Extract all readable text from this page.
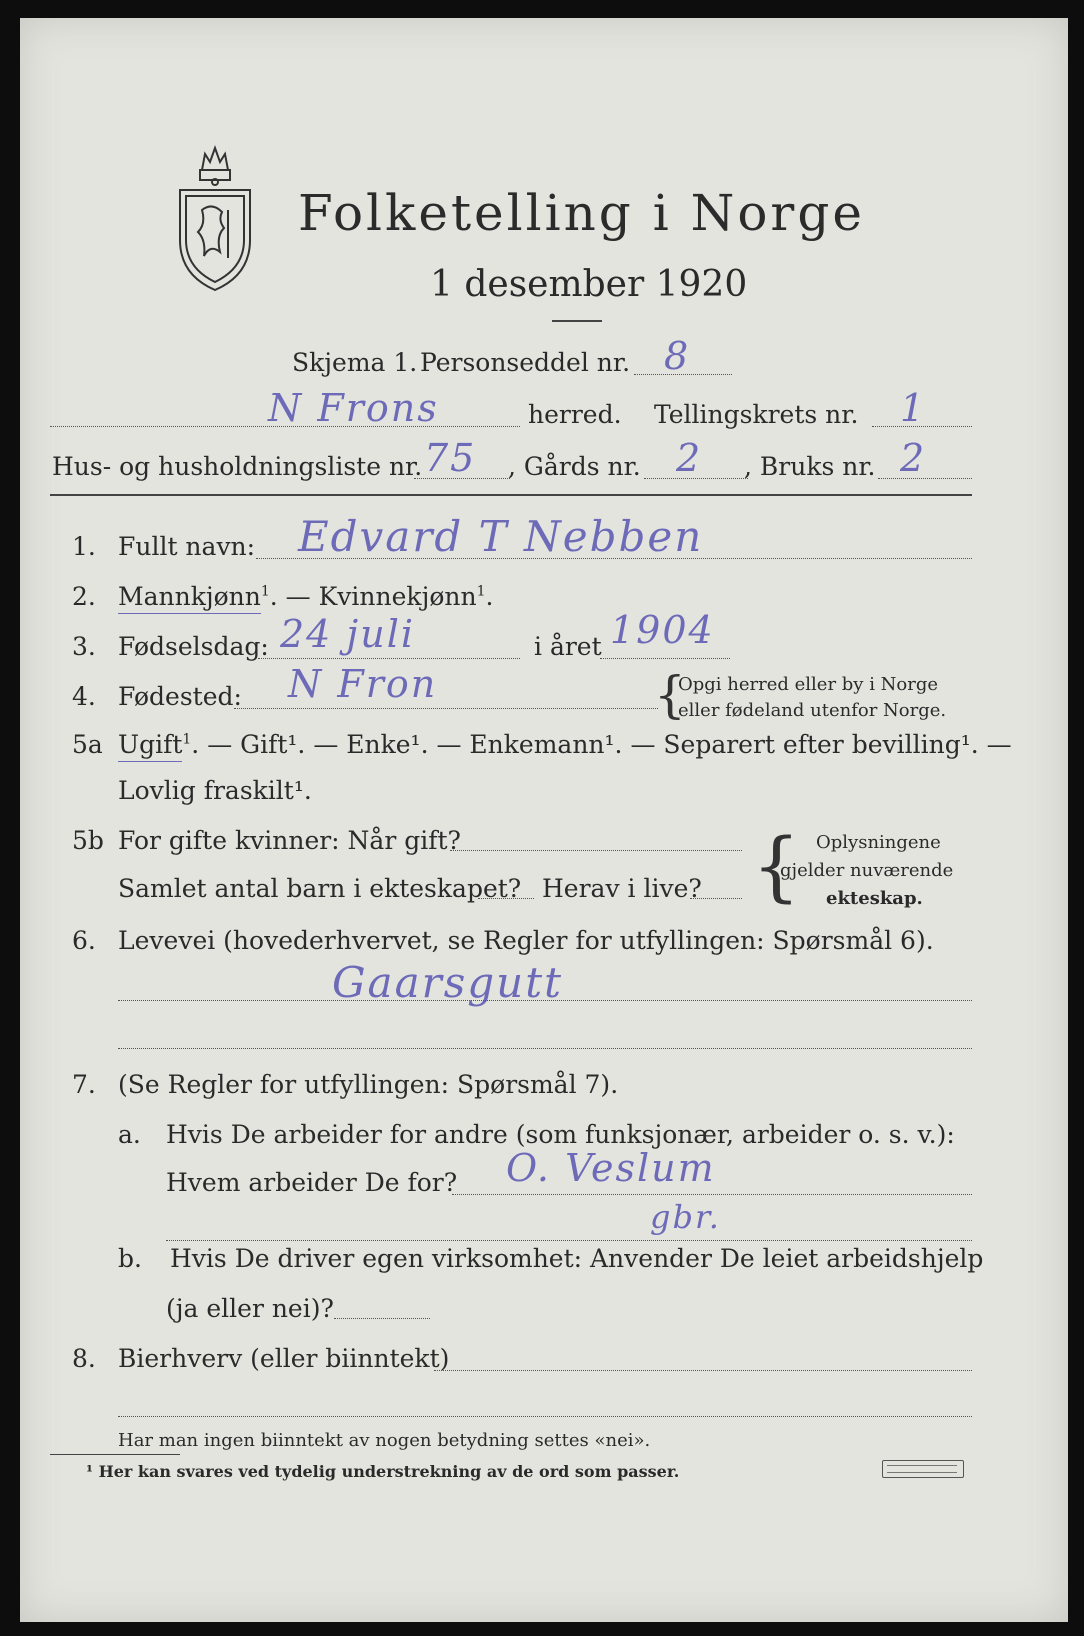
Folketelling i Norge
1 desember 1920
Skjema 1. Personseddel nr. 8
N Frons	herred. Tellingskrets nr. 1
Hus- og husholdningsliste nr. 75 , Gårds nr. 2 , Bruks nr. 2
1. Fullt navn: Edvard T Nebben
2. Mannkjønn$^1$. — Kvinnekjønn$^1$.
3. Fødselsdag: 24 juli	i året 1904
4. Fødested: N Fron	{
Opgi herred eller by i Norge
eller fødeland utenfor Norge.
5a Ugift$^1$. — Gift¹. — Enke¹. — Enkemann¹. — Separert efter bevilling¹. —
Lovlig fraskilt¹.
5b For gifte kvinner: Når gift?
Samlet antal barn i ekteskapet? Herav i live? { Oplysningene
gjelder nuværende
ekteskap.
6. Levevei (hovederhvervet, se Regler for utfyllingen: Spørsmål 6).
Gaarsgutt
7. (Se Regler for utfyllingen: Spørsmål 7).
a. Hvis De arbeider for andre (som funksjonær, arbeider o. s. v.):
Hvem arbeider De for? O. Veslum
gbr.
b. Hvis De driver egen virksomhet: Anvender De leiet arbeidshjelp
(ja eller nei)?
8. Bierhverv (eller biinntekt)
Har man ingen biinntekt av nogen betydning settes «nei».
¹ Her kan svares ved tydelig understrekning av de ord som passer.
